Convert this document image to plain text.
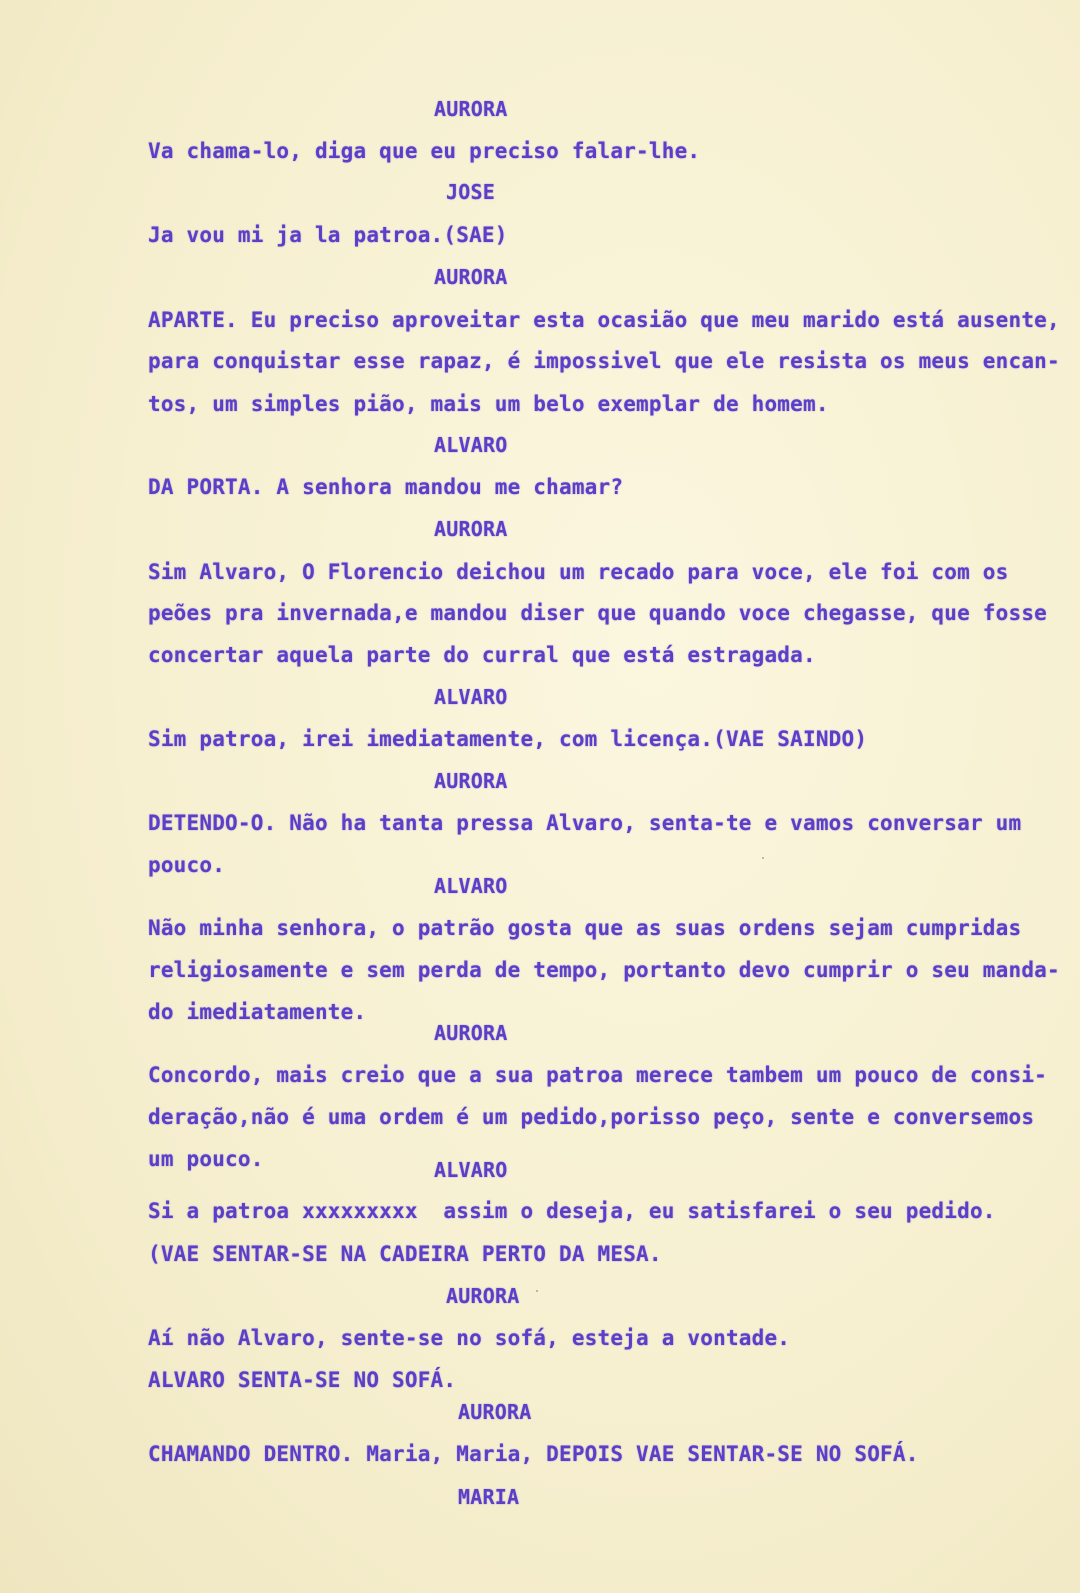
AURORA
Va chama-lo, diga que eu preciso falar-lhe.
JOSE
Ja vou mi ja la patroa.(SAE)
AURORA
APARTE. Eu preciso aproveitar esta ocasião que meu marido está ausente,
para conquistar esse rapaz, é impossivel que ele resista os meus encan-
tos, um simples pião, mais um belo exemplar de homem.
ALVARO
DA PORTA. A senhora mandou me chamar?
AURORA
Sim Alvaro, O Florencio deichou um recado para voce, ele foi com os
peões pra invernada,e mandou diser que quando voce chegasse, que fosse
concertar aquela parte do curral que está estragada.
ALVARO
Sim patroa, irei imediatamente, com licença.(VAE SAINDO)
AURORA
DETENDO-O. Não ha tanta pressa Alvaro, senta-te e vamos conversar um
pouco.
ALVARO
Não minha senhora, o patrão gosta que as suas ordens sejam cumpridas
religiosamente e sem perda de tempo, portanto devo cumprir o seu manda-
do imediatamente.
AURORA
Concordo, mais creio que a sua patroa merece tambem um pouco de consi-
deração,não é uma ordem é um pedido,porisso peço, sente e conversemos
um pouco.	ALVARO
Si a patroa xxxxxxxxx  assim o deseja, eu satisfarei o seu pedido.
(VAE SENTAR-SE NA CADEIRA PERTO DA MESA.
AURORA
Aí não Alvaro, sente-se no sofá, esteja a vontade.
ALVARO SENTA-SE NO SOFÁ.
AURORA
CHAMANDO DENTRO. Maria, Maria, DEPOIS VAE SENTAR-SE NO SOFÁ.
MARIA
